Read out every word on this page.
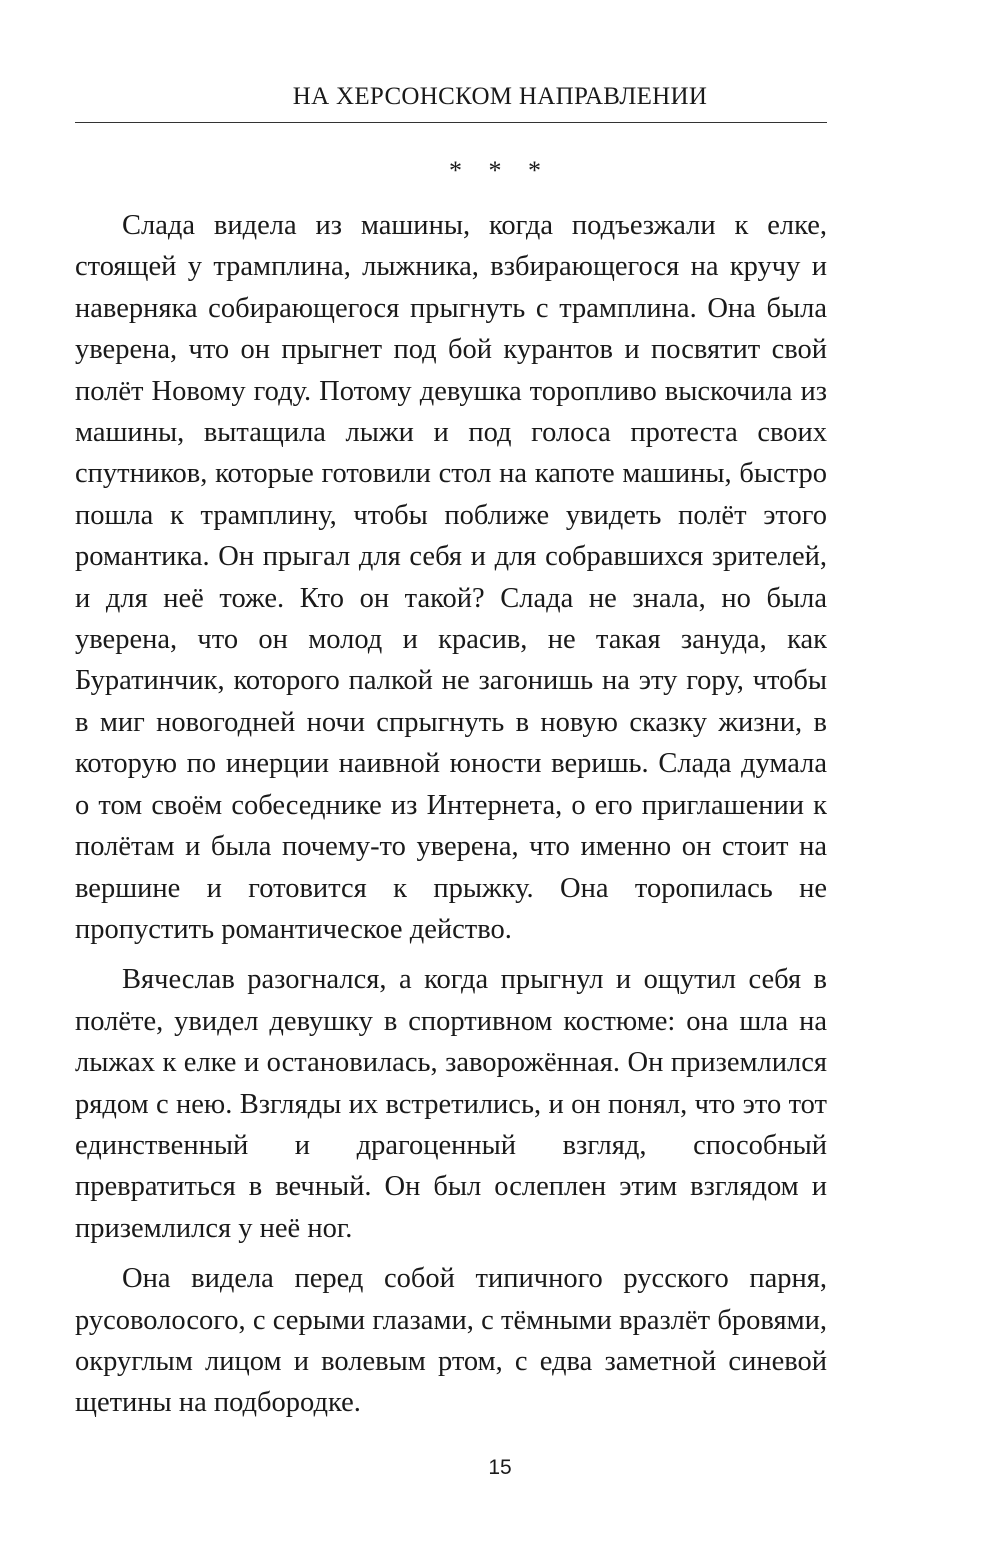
НА ХЕРСОНСКОМ НАПРАВЛЕНИИ
* * *

Слада видела из машины, когда подъезжали к елке, стоящей у трамплина, лыжника, взбирающегося на кручу и наверняка собирающегося прыгнуть с трамплина. Она была уверена, что он прыгнет под бой курантов и посвятит свой полёт Новому году. Потому девушка торопливо выскочила из машины, вытащила лыжи и под голоса протеста своих спутников, которые готовили стол на капоте машины, быстро пошла к трамплину, чтобы поближе увидеть полёт этого романтика. Он прыгал для себя и для собравшихся зрителей, и для неё тоже. Кто он такой? Слада не знала, но была уверена, что он молод и красив, не такая зануда, как Буратинчик, которого палкой не загонишь на эту гору, чтобы в миг новогодней ночи спрыгнуть в новую сказку жизни, в которую по инерции наивной юности веришь. Слада думала о том своём собеседнике из Интернета, о его приглашении к полётам и была почему-то уверена, что именно он стоит на вершине и готовится к прыжку. Она торопилась не пропустить романтическое действо.

Вячеслав разогнался, а когда прыгнул и ощутил себя в полёте, увидел девушку в спортивном костюме: она шла на лыжах к елке и остановилась, заворожённая. Он приземлился рядом с нею. Взгляды их встретились, и он понял, что это тот единственный и драгоценный взгляд, способный превратиться в вечный. Он был ослеплен этим взглядом и приземлился у неё ног.

Она видела перед собой типичного русского парня, русоволосого, с серыми глазами, с тёмными вразлёт бровями, округлым лицом и волевым ртом, с едва заметной синевой щетины на подбородке.

15
